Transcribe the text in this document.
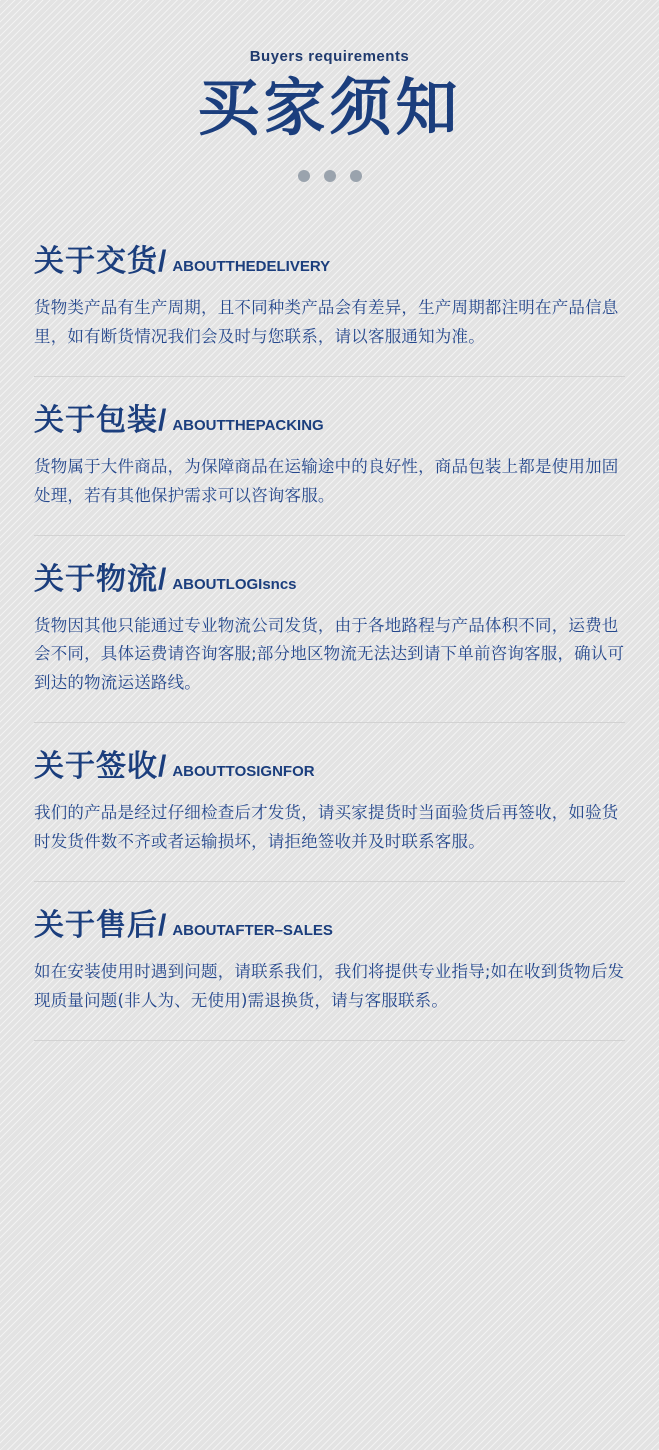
Buyers requirements
买家须知
关于交货 / ABOUTTHEDELIVERY
货物类产品有生产周期，且不同种类产品会有差异，生产周期都注明在产品信息里，如有断货情况我们会及时与您联系，请以客服通知为准。
关于包装 / ABOUTTHEPACKING
货物属于大件商品，为保障商品在运输途中的良好性，商品包装上都是使用加固处理，若有其他保护需求可以咨询客服。
关于物流 / ABOUTLOGIsncs
货物因其他只能通过专业物流公司发货，由于各地路程与产品体积不同，运费也会不同，具体运费请咨询客服;部分地区物流无法达到请下单前咨询客服，确认可到达的物流运送路线。
关于签收 / ABOUTTOSIGNFOR
我们的产品是经过仔细检查后才发货，请买家提货时当面验货后再签收，如验货时发货件数不齐或者运输损坏，请拒绝签收并及时联系客服。
关于售后 / ABOUTAFTER–SALES
如在安装使用时遇到问题，请联系我们，我们将提供专业指导;如在收到货物后发现质量问题(非人为、无使用)需退换货，请与客服联系。
